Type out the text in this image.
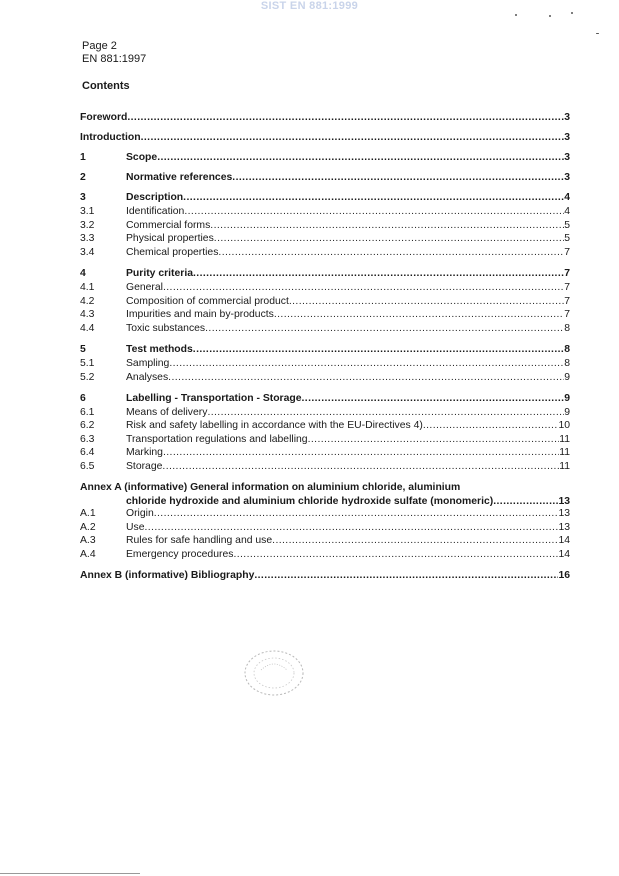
SIST EN 881:1999
Page 2
EN 881:1997
Contents
Foreword .....	3
Introduction .....	3
1	Scope .....	3
2	Normative references .....	3
3	Description .....	4
3.1	Identification .....	4
3.2	Commercial forms .....	5
3.3	Physical properties .....	5
3.4	Chemical properties .....	7
4	Purity criteria .....	7
4.1	General .....	7
4.2	Composition of commercial product .....	7
4.3	Impurities and main by-products .....	7
4.4	Toxic substances .....	8
5	Test methods .....	8
5.1	Sampling .....	8
5.2	Analyses .....	9
6	Labelling - Transportation - Storage .....	9
6.1	Means of delivery .....	9
6.2	Risk and safety labelling in accordance with the EU-Directives 4) .....	10
6.3	Transportation regulations and labelling .....	11
6.4	Marking .....	11
6.5	Storage .....	11
Annex A (informative) General information on aluminium chloride, aluminium
chloride hydroxide and aluminium chloride hydroxide sulfate (monomeric) .....	13
A.1	Origin .....	13
A.2	Use .....	13
A.3	Rules for safe handling and use .....	14
A.4	Emergency procedures .....	14
Annex B (informative) Bibliography .....	16
